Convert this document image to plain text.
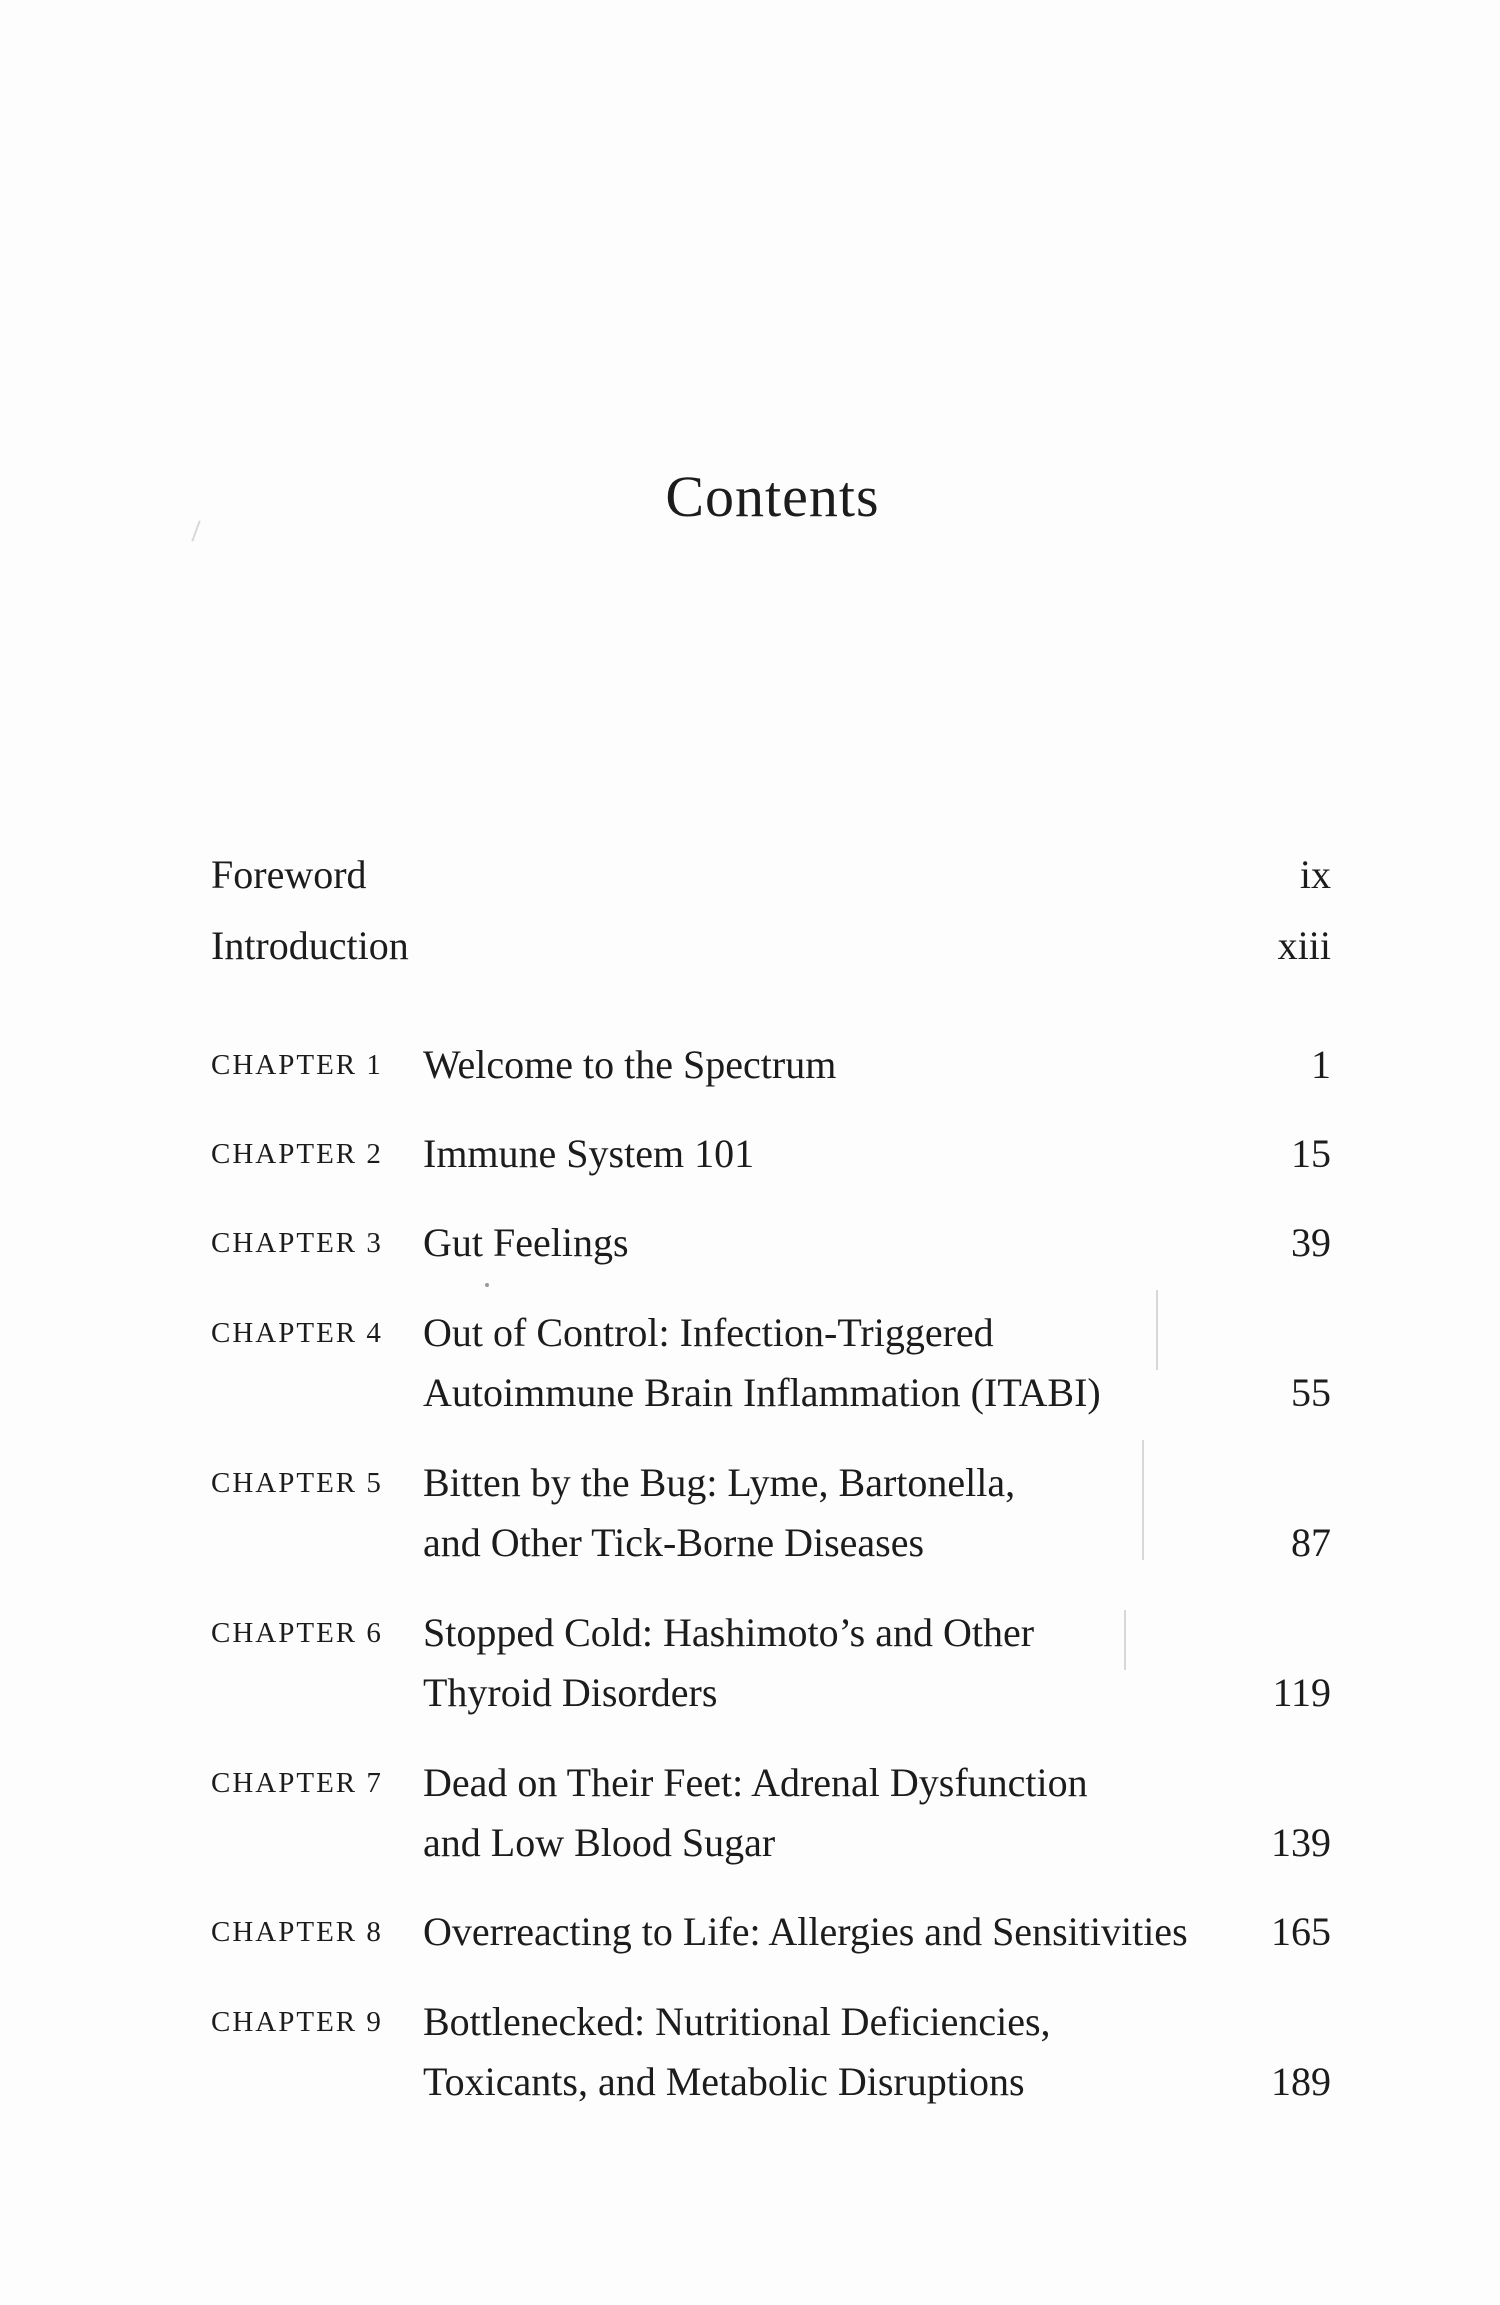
Contents
Foreword	ix
Introduction	xiii
CHAPTER 1 Welcome to the Spectrum	1
CHAPTER 2 Immune System 101	15
CHAPTER 3 Gut Feelings	39
CHAPTER 4 Out of Control: Infection-Triggered
Autoimmune Brain Inflammation (ITABI)	55
CHAPTER 5 Bitten by the Bug: Lyme, Bartonella,
and Other Tick-Borne Diseases	87
CHAPTER 6 Stopped Cold: Hashimoto’s and Other
Thyroid Disorders	119
CHAPTER 7 Dead on Their Feet: Adrenal Dysfunction
and Low Blood Sugar	139
CHAPTER 8 Overreacting to Life: Allergies and Sensitivities	165
CHAPTER 9 Bottlenecked: Nutritional Deficiencies,
Toxicants, and Metabolic Disruptions	189
